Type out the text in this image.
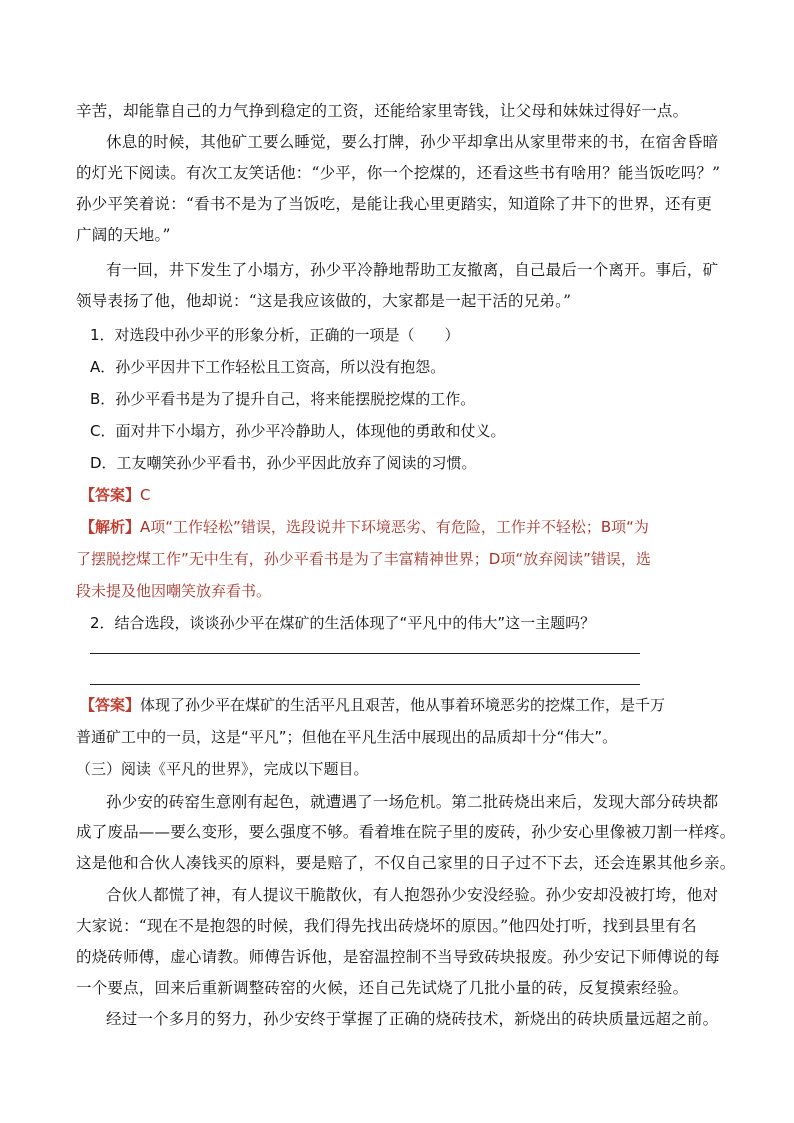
辛苦，却能靠自己的力气挣到稳定的工资，还能给家里寄钱，让父母和妹妹过得好一点。
休息的时候，其他矿工要么睡觉，要么打牌，孙少平却拿出从家里带来的书，在宿舍昏暗
的灯光下阅读。有次工友笑话他：“少平，你一个挖煤的，还看这些书有啥用？能当饭吃吗？”
孙少平笑着说：“看书不是为了当饭吃，是能让我心里更踏实，知道除了井下的世界，还有更
广阔的天地。”
有一回，井下发生了小塌方，孙少平冷静地帮助工友撤离，自己最后一个离开。事后，矿
领导表扬了他，他却说：“这是我应该做的，大家都是一起干活的兄弟。”
1．对选段中孙少平的形象分析，正确的一项是（　　）
A．孙少平因井下工作轻松且工资高，所以没有抱怨。
B．孙少平看书是为了提升自己，将来能摆脱挖煤的工作。
C．面对井下小塌方，孙少平冷静助人，体现他的勇敢和仗义。
D．工友嘲笑孙少平看书，孙少平因此放弃了阅读的习惯。
【答案】C
【解析】A项“工作轻松”错误，选段说井下环境恶劣、有危险，工作并不轻松；B项“为
了摆脱挖煤工作”无中生有，孙少平看书是为了丰富精神世界；D项“放弃阅读”错误，选
段未提及他因嘲笑放弃看书。
2．结合选段，谈谈孙少平在煤矿的生活体现了“平凡中的伟大”这一主题吗？
【答案】体现了孙少平在煤矿的生活平凡且艰苦，他从事着环境恶劣的挖煤工作，是千万
普通矿工中的一员，这是“平凡”；但他在平凡生活中展现出的品质却十分“伟大”。
（三）阅读《平凡的世界》，完成以下题目。
孙少安的砖窑生意刚有起色，就遭遇了一场危机。第二批砖烧出来后，发现大部分砖块都
成了废品——要么变形，要么强度不够。看着堆在院子里的废砖，孙少安心里像被刀割一样疼。
这是他和合伙人凑钱买的原料，要是赔了，不仅自己家里的日子过不下去，还会连累其他乡亲。
合伙人都慌了神，有人提议干脆散伙，有人抱怨孙少安没经验。孙少安却没被打垮，他对
大家说：“现在不是抱怨的时候，我们得先找出砖烧坏的原因。”他四处打听，找到县里有名
的烧砖师傅，虚心请教。师傅告诉他，是窑温控制不当导致砖块报废。孙少安记下师傅说的每
一个要点，回来后重新调整砖窑的火候，还自己先试烧了几批小量的砖，反复摸索经验。
经过一个多月的努力，孙少安终于掌握了正确的烧砖技术，新烧出的砖块质量远超之前。
